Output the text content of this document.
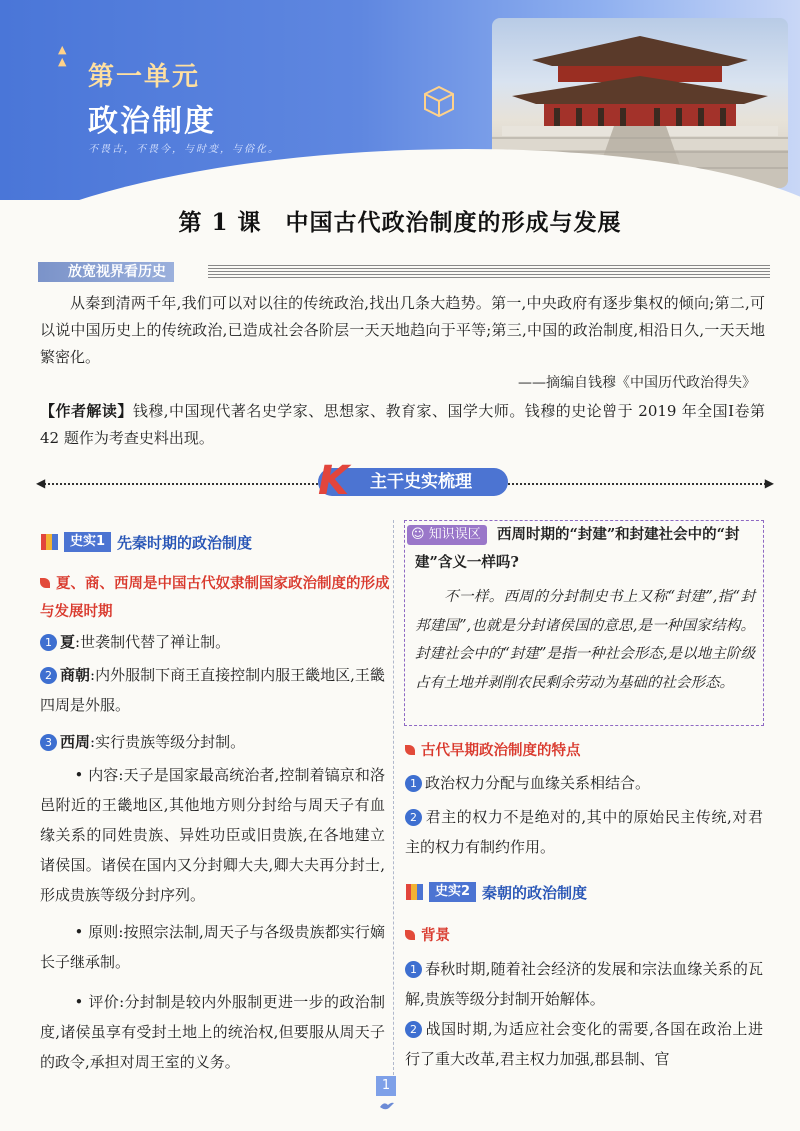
▲
▲
第一单元
政治制度
不畏古，不畏今，与时变，与俗化。
第 1 课　中国古代政治制度的形成与发展
放宽视界看历史
从秦到清两千年,我们可以对以往的传统政治,找出几条大趋势。第一,中央政府有逐步集权的倾向;第二,可以说中国历史上的传统政治,已造成社会各阶层一天天地趋向于平等;第三,中国的政治制度,相沿日久,一天天地繁密化。
——摘编自钱穆《中国历代政治得失》
【作者解读】钱穆,中国现代著名史学家、思想家、教育家、国学大师。钱穆的史论曾于 2019 年全国Ⅰ卷第 42 题作为考查史料出现。
◀	▶
主干史实梳理
K
史实1 先秦时期的政治制度
夏、商、西周是中国古代奴隶制国家政治制度的形成与发展时期
1 夏:世袭制代替了禅让制。
2 商朝:内外服制下商王直接控制内服王畿地区,王畿四周是外服。
3 西周:实行贵族等级分封制。
• 内容:天子是国家最高统治者,控制着镐京和洛邑附近的王畿地区,其他地方则分封给与周天子有血缘关系的同姓贵族、异姓功臣或旧贵族,在各地建立诸侯国。诸侯在国内又分封卿大夫,卿大夫再分封士,形成贵族等级分封序列。
• 原则:按照宗法制,周天子与各级贵族都实行嫡长子继承制。
• 评价:分封制是较内外服制更进一步的政治制度,诸侯虽享有受封土地上的统治权,但要服从周天子的政令,承担对周王室的义务。
西周时期的“封建”和封建社会中的“封建”含义一样吗?
☺ 知识误区
不一样。西周的分封制史书上又称“封建”,指“封邦建国”,也就是分封诸侯国的意思,是一种国家结构。封建社会中的“封建”是指一种社会形态,是以地主阶级占有土地并剥削农民剩余劳动为基础的社会形态。
古代早期政治制度的特点
1 政治权力分配与血缘关系相结合。
2 君主的权力不是绝对的,其中的原始民主传统,对君主的权力有制约作用。
史实2 秦朝的政治制度
背景
1 春秋时期,随着社会经济的发展和宗法血缘关系的瓦解,贵族等级分封制开始解体。
2 战国时期,为适应社会变化的需要,各国在政治上进行了重大改革,君主权力加强,郡县制、官
1
